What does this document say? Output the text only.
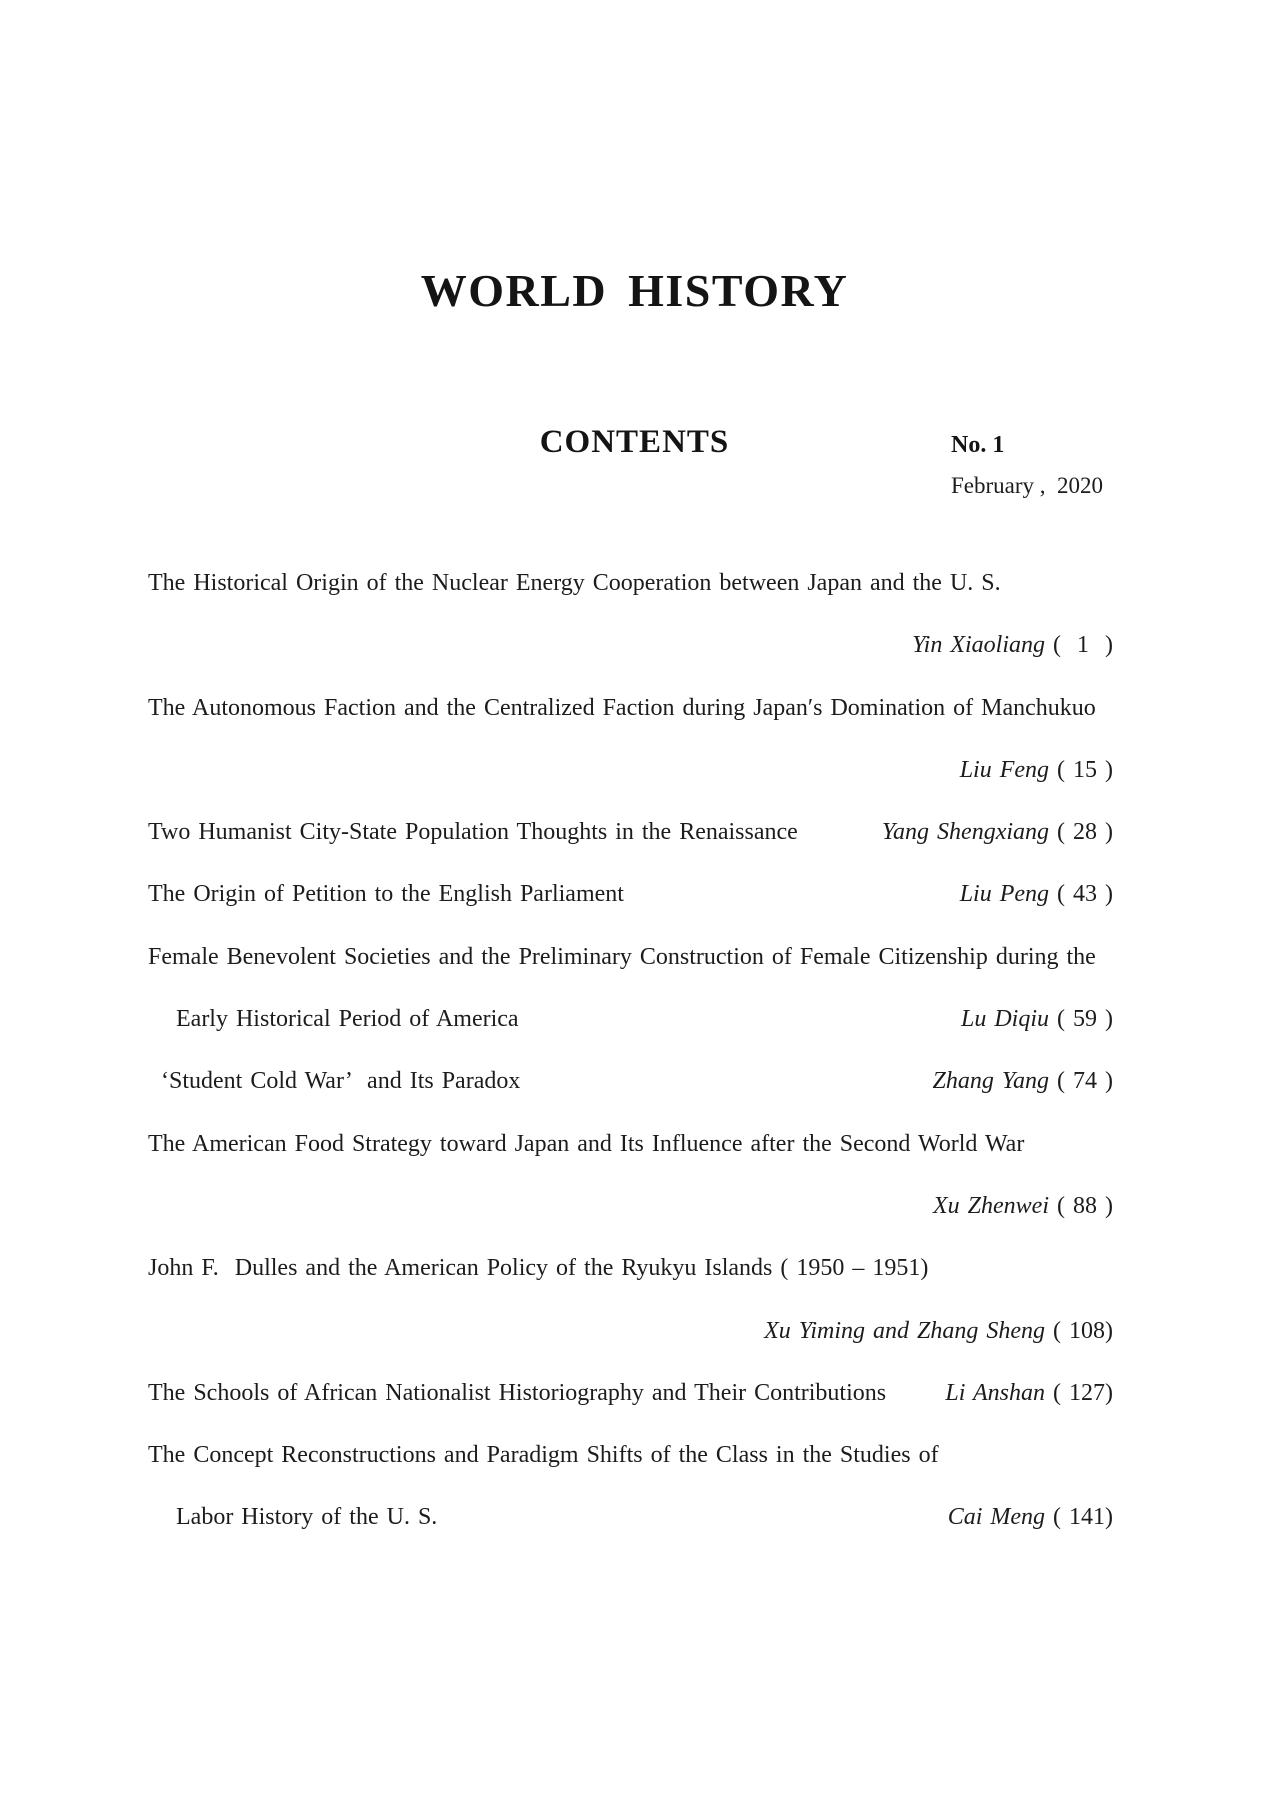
WORLD HISTORY
CONTENTS	No. 1
February ,  2020
The Historical Origin of the Nuclear Energy Cooperation between Japan and the U. S.
Yin Xiaoliang (  1  )
The Autonomous Faction and the Centralized Faction during Japan′s Domination of Manchukuo
Liu Feng ( 15 )
Two Humanist City-State Population Thoughts in the Renaissance	Yang Shengxiang ( 28 )
The Origin of Petition to the English Parliament	Liu Peng ( 43 )
Female Benevolent Societies and the Preliminary Construction of Female Citizenship during the
Early Historical Period of America	Lu Diqiu ( 59 )
‘Student Cold War’  and Its Paradox	Zhang Yang ( 74 )
The American Food Strategy toward Japan and Its Influence after the Second World War
Xu Zhenwei ( 88 )
John F.  Dulles and the American Policy of the Ryukyu Islands ( 1950 – 1951)
Xu Yiming and Zhang Sheng ( 108)
The Schools of African Nationalist Historiography and Their Contributions Li Anshan ( 127)
The Concept Reconstructions and Paradigm Shifts of the Class in the Studies of
Labor History of the U. S.	Cai Meng ( 141)
